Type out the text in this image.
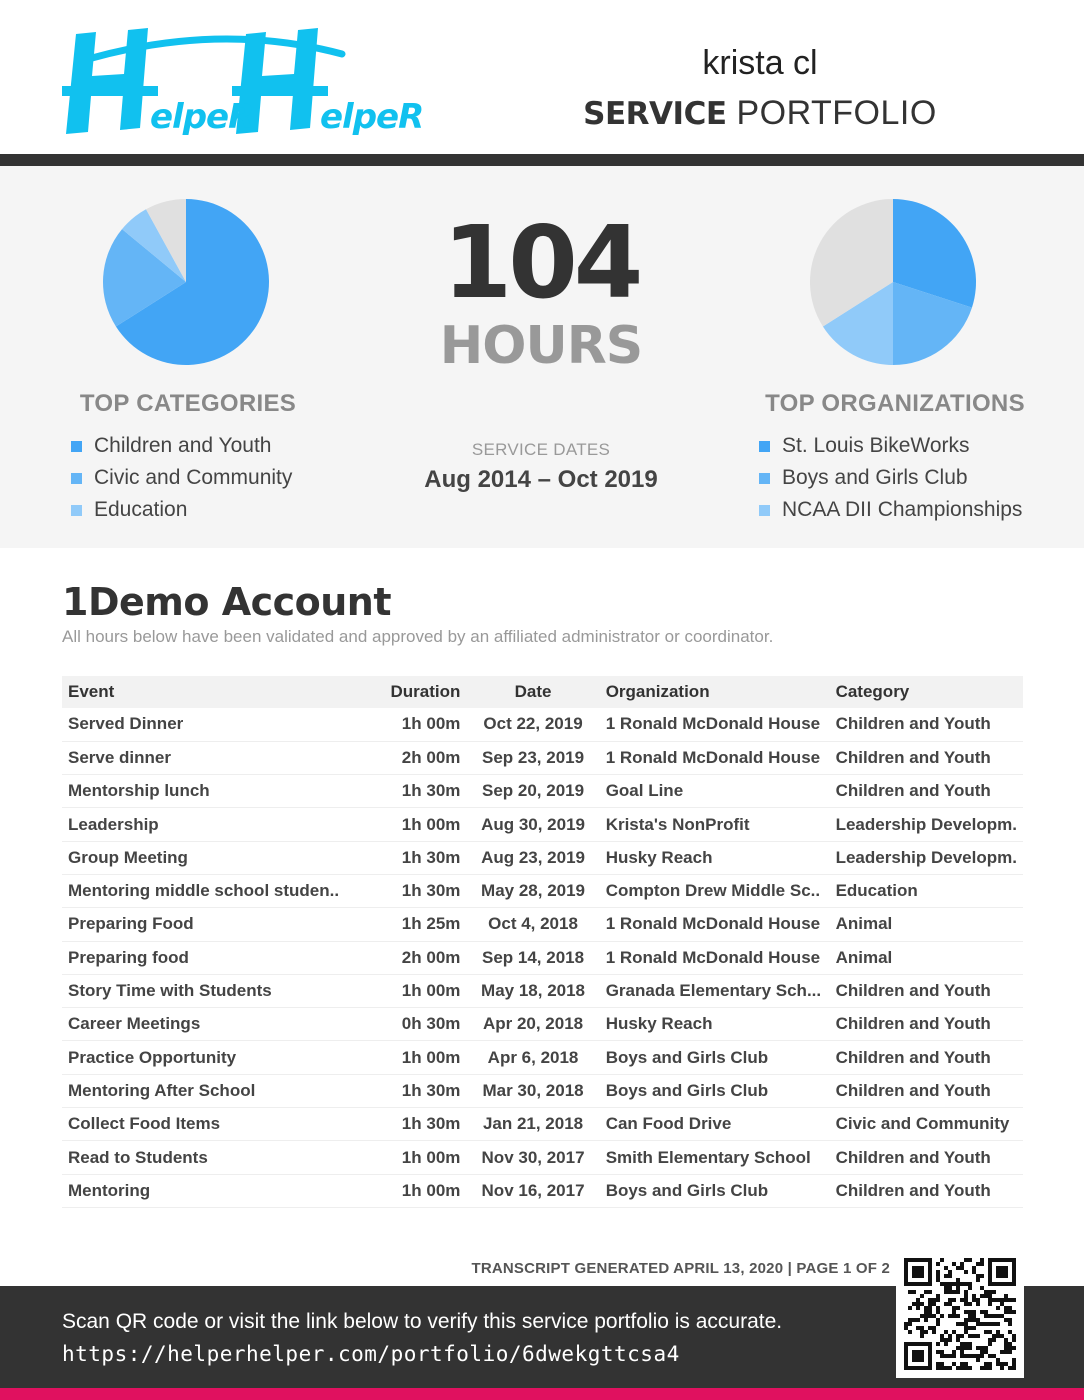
elpeR elpeR
krista cl
SERVICE PORTFOLIO
104
HOURS
TOP CATEGORIES
Children and Youth
Civic and Community
Education
SERVICE DATES
Aug 2014 – Oct 2019
TOP ORGANIZATIONS
St. Louis BikeWorks
Boys and Girls Club
NCAA DII Championships
1Demo Account
All hours below have been validated and approved by an affiliated administrator or coordinator.
Event	Duration	Date	Organization	Category
Served Dinner	1h 00m	Oct 22, 2019	1 Ronald McDonald House	Children and Youth
Serve dinner	2h 00m	Sep 23, 2019	1 Ronald McDonald House	Children and Youth
Mentorship lunch	1h 30m	Sep 20, 2019	Goal Line	Children and Youth
Leadership	1h 00m	Aug 30, 2019	Krista's NonProfit	Leadership Developm.
Group Meeting	1h 30m	Aug 23, 2019	Husky Reach	Leadership Developm.
Mentoring middle school studen..	1h 30m	May 28, 2019	Compton Drew Middle Sc..	Education
Preparing Food	1h 25m	Oct 4, 2018	1 Ronald McDonald House	Animal
Preparing food	2h 00m	Sep 14, 2018	1 Ronald McDonald House	Animal
Story Time with Students	1h 00m	May 18, 2018	Granada Elementary Sch...	Children and Youth
Career Meetings	0h 30m	Apr 20, 2018	Husky Reach	Children and Youth
Practice Opportunity	1h 00m	Apr 6, 2018	Boys and Girls Club	Children and Youth
Mentoring After School	1h 30m	Mar 30, 2018	Boys and Girls Club	Children and Youth
Collect Food Items	1h 30m	Jan 21, 2018	Can Food Drive	Civic and Community
Read to Students	1h 00m	Nov 30, 2017	Smith Elementary School	Children and Youth
Mentoring	1h 00m	Nov 16, 2017	Boys and Girls Club	Children and Youth
TRANSCRIPT GENERATED APRIL 13, 2020 | PAGE 1 OF 2
Scan QR code or visit the link below to verify this service portfolio is accurate.
https://helperhelper.com/portfolio/6dwekgttcsa4
